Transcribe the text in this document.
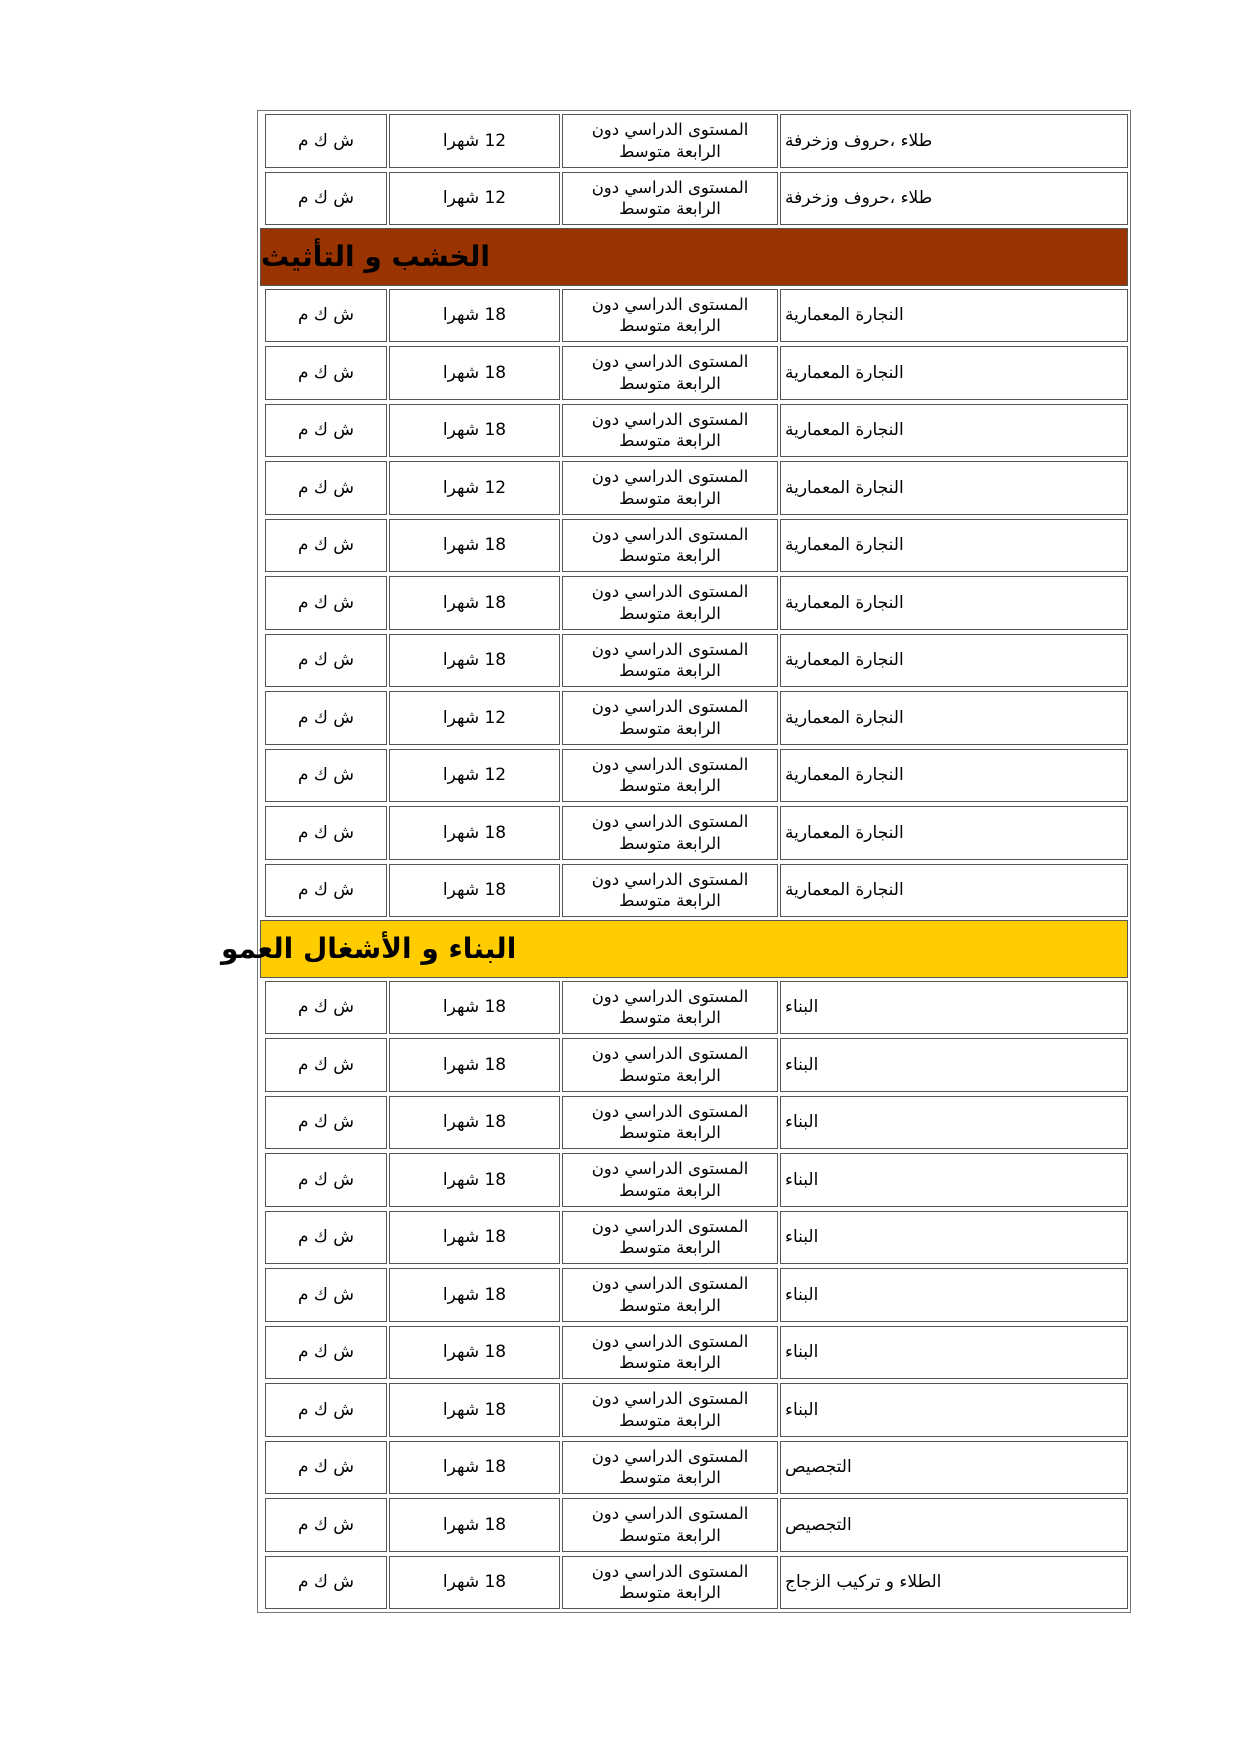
طلاء ،حروف وزخرفة
المستوى الدراسي دون
الرابعة متوسط
12 شهرا
ش ك م
طلاء ،حروف وزخرفة
المستوى الدراسي دون
الرابعة متوسط
12 شهرا
ش ك م
الخشب و التأثيث
النجارة المعمارية
المستوى الدراسي دون
الرابعة متوسط
18 شهرا
ش ك م
النجارة المعمارية
المستوى الدراسي دون
الرابعة متوسط
18 شهرا
ش ك م
النجارة المعمارية
المستوى الدراسي دون
الرابعة متوسط
18 شهرا
ش ك م
النجارة المعمارية
المستوى الدراسي دون
الرابعة متوسط
12 شهرا
ش ك م
النجارة المعمارية
المستوى الدراسي دون
الرابعة متوسط
18 شهرا
ش ك م
النجارة المعمارية
المستوى الدراسي دون
الرابعة متوسط
18 شهرا
ش ك م
النجارة المعمارية
المستوى الدراسي دون
الرابعة متوسط
18 شهرا
ش ك م
النجارة المعمارية
المستوى الدراسي دون
الرابعة متوسط
12 شهرا
ش ك م
النجارة المعمارية
المستوى الدراسي دون
الرابعة متوسط
12 شهرا
ش ك م
النجارة المعمارية
المستوى الدراسي دون
الرابعة متوسط
18 شهرا
ش ك م
النجارة المعمارية
المستوى الدراسي دون
الرابعة متوسط
18 شهرا
ش ك م
البناء و الأشغال العمو
البناء
المستوى الدراسي دون
الرابعة متوسط
18 شهرا
ش ك م
البناء
المستوى الدراسي دون
الرابعة متوسط
18 شهرا
ش ك م
البناء
المستوى الدراسي دون
الرابعة متوسط
18 شهرا
ش ك م
البناء
المستوى الدراسي دون
الرابعة متوسط
18 شهرا
ش ك م
البناء
المستوى الدراسي دون
الرابعة متوسط
18 شهرا
ش ك م
البناء
المستوى الدراسي دون
الرابعة متوسط
18 شهرا
ش ك م
البناء
المستوى الدراسي دون
الرابعة متوسط
18 شهرا
ش ك م
البناء
المستوى الدراسي دون
الرابعة متوسط
18 شهرا
ش ك م
التجصيص
المستوى الدراسي دون
الرابعة متوسط
18 شهرا
ش ك م
التجصيص
المستوى الدراسي دون
الرابعة متوسط
18 شهرا
ش ك م
الطلاء و تركيب الزجاج
المستوى الدراسي دون
الرابعة متوسط
18 شهرا
ش ك م
